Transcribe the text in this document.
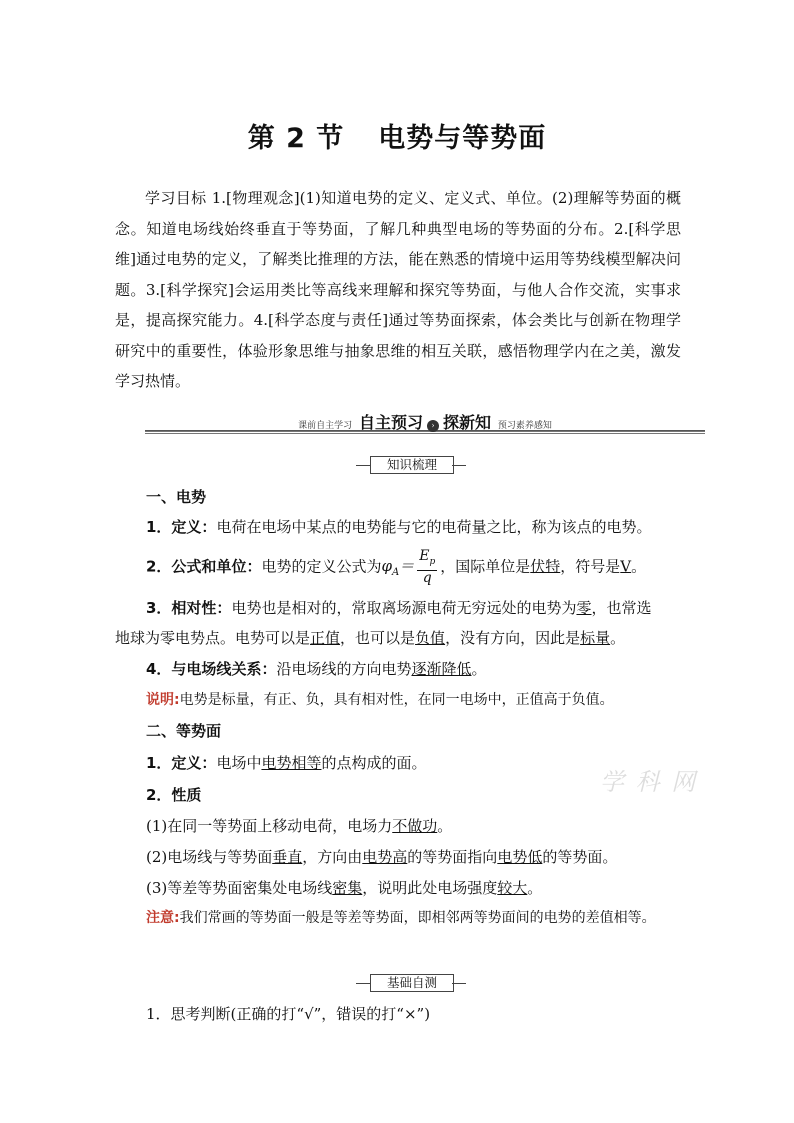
第 2 节 电势与等势面
学习目标 1.[物理观念](1)知道电势的定义、定义式、单位。(2)理解等势面的概念。知道电场线始终垂直于等势面，了解几种典型电场的等势面的分布。2.[科学思维]通过电势的定义，了解类比推理的方法，能在熟悉的情境中运用等势线模型解决问题。3.[科学探究]会运用类比等高线来理解和探究等势面，与他人合作交流，实事求是，提高探究能力。4.[科学态度与责任]通过等势面探索，体会类比与创新在物理学研究中的重要性，体验形象思维与抽象思维的相互关联，感悟物理学内在之美，激发学习热情。
课前自主学习 自主预习 › 探新知 预习素养感知
知识梳理
一、电势
1．定义：电荷在电场中某点的电势能与它的电荷量之比，称为该点的电势。
2．公式和单位：电势的定义公式为$\varphi_A= \frac{E_p}{q}$ ，国际单位是伏特，符号是V。
3．相对性：电势也是相对的，常取离场源电荷无穷远处的电势为零，也常选
地球为零电势点。电势可以是正值，也可以是负值，没有方向，因此是标量。
4．与电场线关系：沿电场线的方向电势逐渐降低。
说明:电势是标量，有正、负，具有相对性，在同一电场中，正值高于负值。
二、等势面
1．定义：电场中电势相等的点构成的面。
2．性质
(1)在同一等势面上移动电荷，电场力不做功。
(2)电场线与等势面垂直，方向由电势高的等势面指向电势低的等势面。
(3)等差等势面密集处电场线密集，说明此处电场强度较大。
注意:我们常画的等势面一般是等差等势面，即相邻两等势面间的电势的差值相等。
基础自测
1．思考判断(正确的打“√”，错误的打“×”)
学 科 网
